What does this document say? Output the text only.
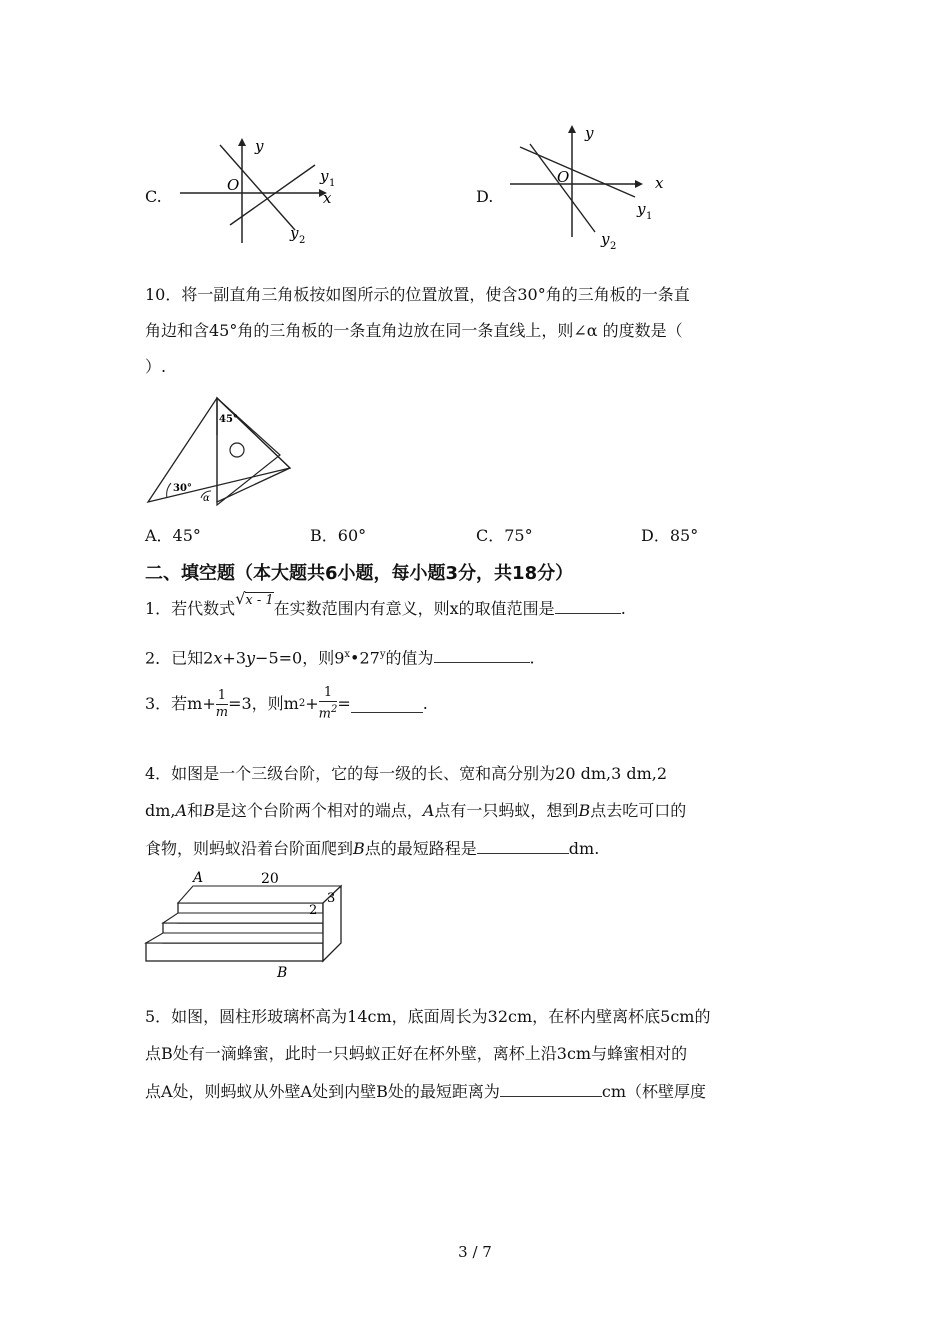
C.
y
O
x
y 1
y 2
D.
y
O	x
y 1
y 2
10．将一副直角三角板按如图所示的位置放置，使含30°角的三角板的一条直
角边和含45°角的三角板的一条直角边放在同一条直线上，则∠α 的度数是（
）.
45°
30°
α
A．45°	B．60°	C．75°	D．85°
二、填空题（本大题共6小题，每小题3分，共18分）
1．若代数式√x - 1在实数范围内有意义，则x的取值范围是	.
2．已知2x+3y−5=0，则9$^x$•27$^y$的值为	.
3．若$m+ \frac{1}{m} =3$，则m $2 + \frac{1}{m^2}$ =	.
4．如图是一个三级台阶，它的每一级的长、宽和高分别为20 dm,3 dm,2
dm,A和B是这个台阶两个相对的端点，A点有一只蚂蚁，想到B点去吃可口的
食物，则蚂蚁沿着台阶面爬到B点的最短路程是	dm.
A	20
2
3
B
5．如图，圆柱形玻璃杯高为14cm，底面周长为32cm，在杯内壁离杯底5cm的
点B处有一滴蜂蜜，此时一只蚂蚁正好在杯外壁，离杯上沿3cm与蜂蜜相对的
点A处，则蚂蚁从外壁A处到内壁B处的最短距离为	cm（杯壁厚度
3 / 7
